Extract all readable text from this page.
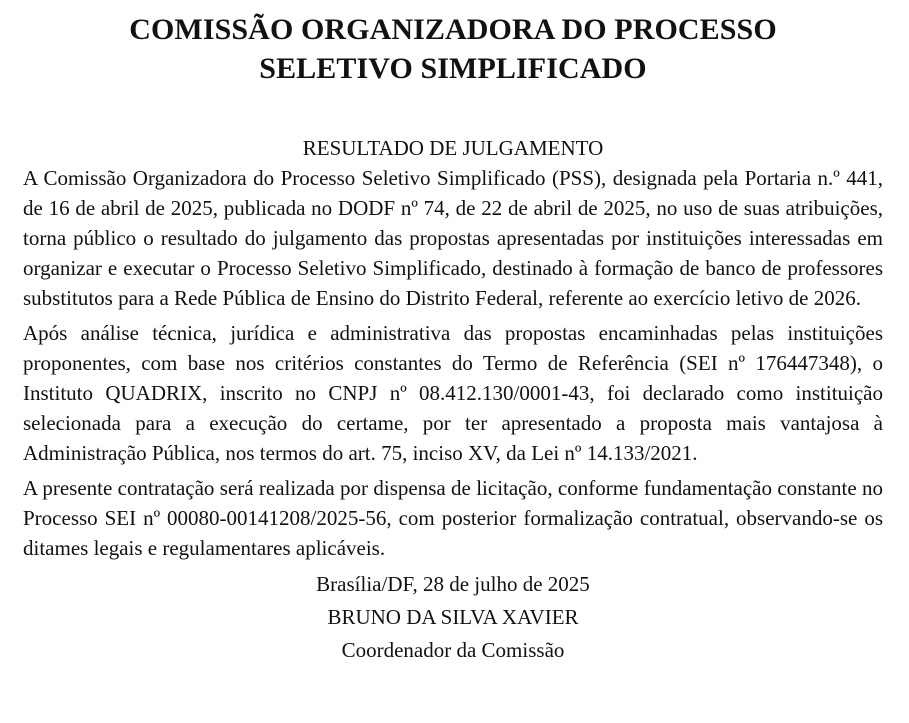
COMISSÃO ORGANIZADORA DO PROCESSO
SELETIVO SIMPLIFICADO
RESULTADO DE JULGAMENTO

A Comissão Organizadora do Processo Seletivo Simplificado (PSS), designada pela Portaria n.º 441, de 16 de abril de 2025, publicada no DODF nº 74, de 22 de abril de 2025, no uso de suas atribuições, torna público o resultado do julgamento das propostas apresentadas por instituições interessadas em organizar e executar o Processo Seletivo Simplificado, destinado à formação de banco de professores substitutos para a Rede Pública de Ensino do Distrito Federal, referente ao exercício letivo de 2026.

Após análise técnica, jurídica e administrativa das propostas encaminhadas pelas instituições proponentes, com base nos critérios constantes do Termo de Referência (SEI nº 176447348), o Instituto QUADRIX, inscrito no CNPJ nº 08.412.130/0001-43, foi declarado como instituição selecionada para a execução do certame, por ter apresentado a proposta mais vantajosa à Administração Pública, nos termos do art. 75, inciso XV, da Lei nº 14.133/2021.

A presente contratação será realizada por dispensa de licitação, conforme fundamentação constante no Processo SEI nº 00080-00141208/2025-56, com posterior formalização contratual, observando-se os ditames legais e regulamentares aplicáveis.

Brasília/DF, 28 de julho de 2025

BRUNO DA SILVA XAVIER

Coordenador da Comissão
